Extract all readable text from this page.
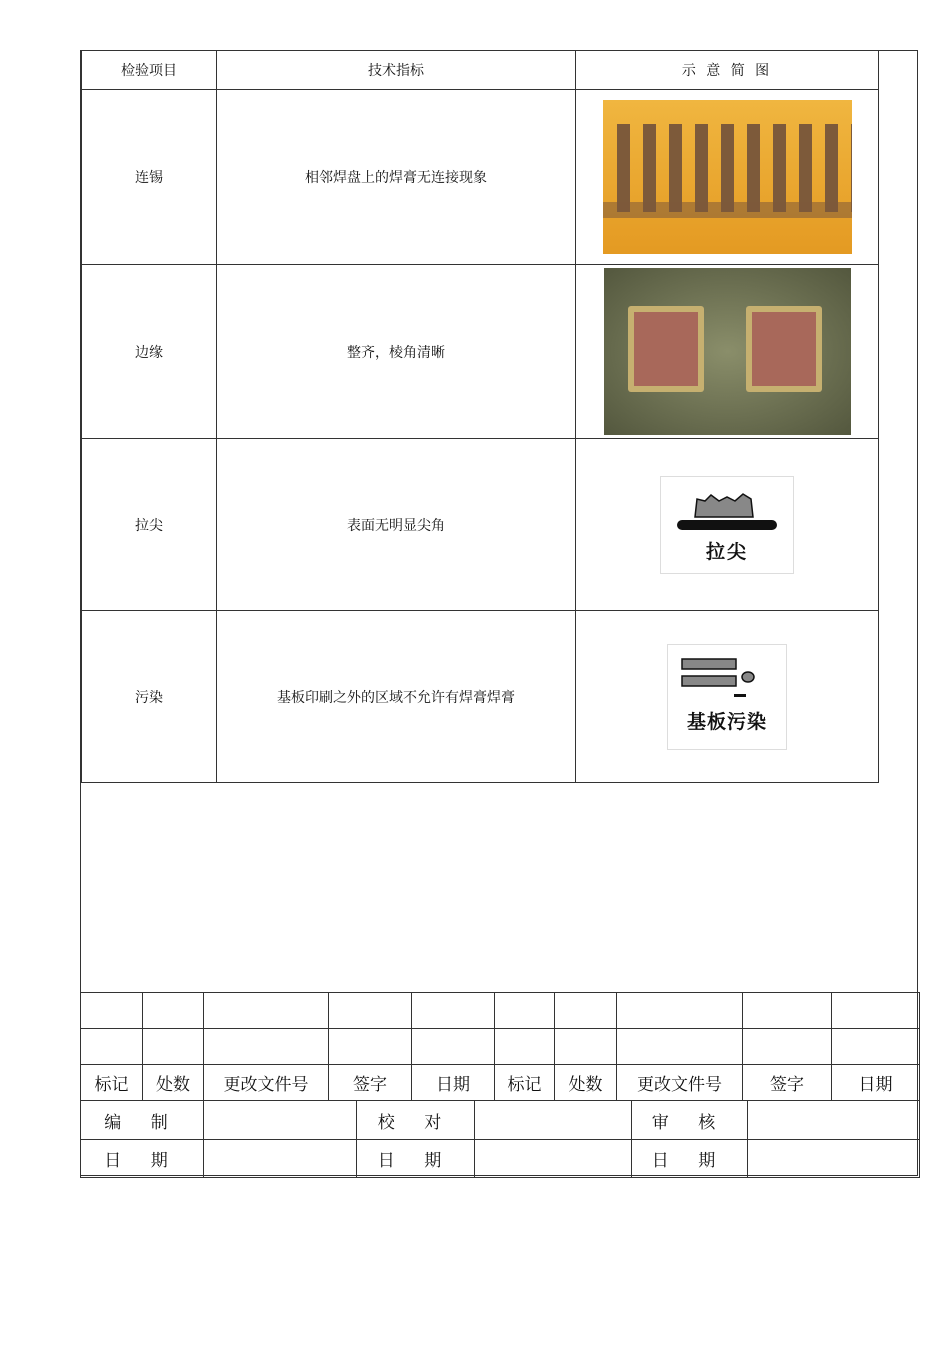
检验项目	技术指标	示 意 简 图
连锡	相邻焊盘上的焊膏无连接现象	

边缘	整齐，棱角清晰	

拉尖	表面无明显尖角	拉尖

污染	基板印刷之外的区域不允许有焊膏焊膏	基板污染

标记	处数	更改文件号	签字	日期	标记	处数	更改文件号	签字	日期
编 制		校 对		审 核	
日 期		日 期		日 期	
